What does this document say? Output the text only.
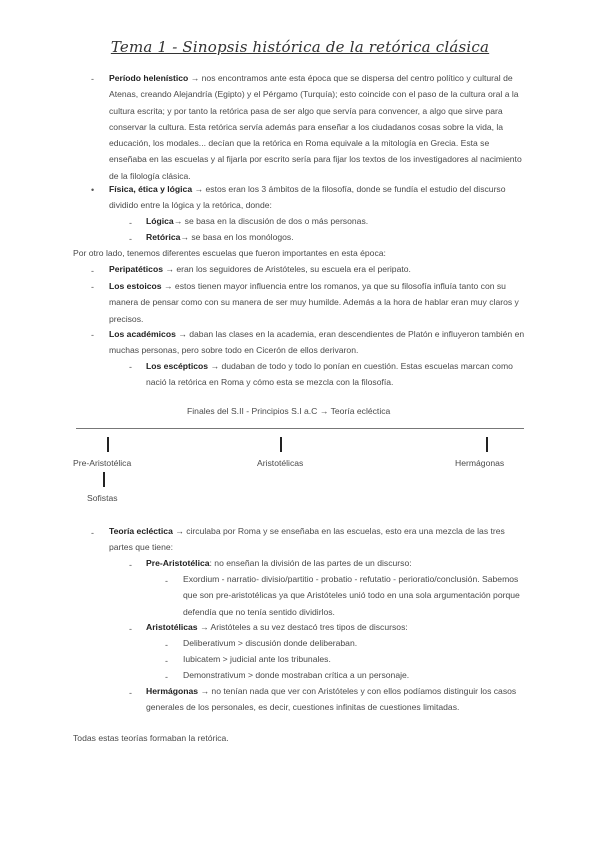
Tema 1 - Sinopsis histórica de la retórica clásica
- Período helenístico → nos encontramos ante esta época que se dispersa del centro político y cultural de Atenas, creando Alejandría (Egipto) y el Pérgamo (Turquía); esto coincide con el paso de la cultura oral a la cultura escrita; y por tanto la retórica pasa de ser algo que servía para convencer, a algo que sirve para conservar la cultura. Esta retórica servía además para enseñar a los ciudadanos cosas sobre la vida, la educación, los modales... decían que la retórica en Roma equivale a la mitología en Grecia. Esta se enseñaba en las escuelas y al fijarla por escrito sería para fijar los textos de los investigadores al nacimiento de la filología clásica.
• Física, ética y lógica → estos eran los 3 ámbitos de la filosofía, donde se fundía el estudio del discurso dividido entre la lógica y la retórica, donde:
- Lógica→ se basa en la discusión de dos o más personas.
- Retórica→ se basa en los monólogos.
Por otro lado, tenemos diferentes escuelas que fueron importantes en esta época:
- Peripatéticos → eran los seguidores de Aristóteles, su escuela era el peripato.
- Los estoicos → estos tienen mayor influencia entre los romanos, ya que su filosofía influía tanto con su manera de pensar como con su manera de ser muy humilde. Además a la hora de hablar eran muy claros y precisos.
- Los académicos → daban las clases en la academia, eran descendientes de Platón e influyeron también en muchas personas, pero sobre todo en Cicerón de ellos derivaron.
- Los escépticos → dudaban de todo y todo lo ponían en cuestión. Estas escuelas marcan como nació la retórica en Roma y cómo esta se mezcla con la filosofía.
Finales del S.II - Principios S.I a.C → Teoría ecléctica
Pre-Aristotélica	Aristotélicas	Hermágonas
Sofistas
- Teoría ecléctica → circulaba por Roma y se enseñaba en las escuelas, esto era una mezcla de las tres partes que tiene:
- Pre-Aristotélica: no enseñan la división de las partes de un discurso:
- Exordium - narratio- divisio/partitio - probatio - refutatio - perioratio/conclusión. Sabemos que son pre-aristotélicas ya que Aristóteles unió todo en una sola argumentación porque defendía que no tenía sentido dividirlos.
- Aristotélicas → Aristóteles a su vez destacó tres tipos de discursos:
- Deliberativum > discusión donde deliberaban.
- Iubicatem > judicial ante los tribunales.
- Demonstrativum > donde mostraban crítica a un personaje.
- Hermágonas → no tenían nada que ver con Aristóteles y con ellos podíamos distinguir los casos generales de los personales, es decir, cuestiones infinitas de cuestiones limitadas.
Todas estas teorías formaban la retórica.
